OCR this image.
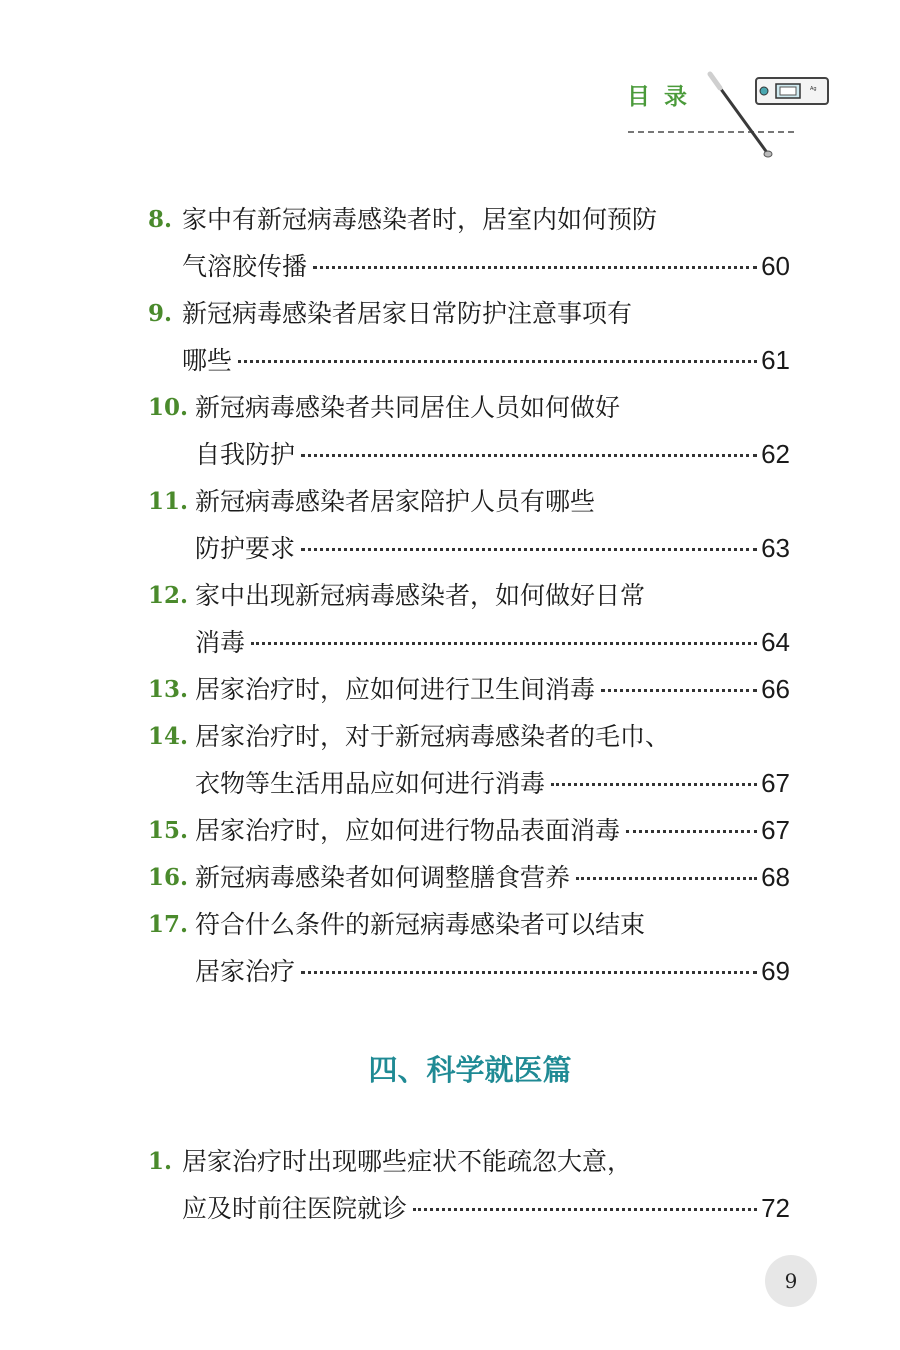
目录	Ag
8. 家中有新冠病毒感染者时，居室内如何预防
气溶胶传播	60
9. 新冠病毒感染者居家日常防护注意事项有
哪些	61
10. 新冠病毒感染者共同居住人员如何做好
自我防护	62
11. 新冠病毒感染者居家陪护人员有哪些
防护要求	63
12. 家中出现新冠病毒感染者，如何做好日常
消毒	64
13. 居家治疗时，应如何进行卫生间消毒	66
14. 居家治疗时，对于新冠病毒感染者的毛巾、
衣物等生活用品应如何进行消毒	67
15. 居家治疗时，应如何进行物品表面消毒	67
16. 新冠病毒感染者如何调整膳食营养	68
17. 符合什么条件的新冠病毒感染者可以结束
居家治疗	69
四、科学就医篇
1. 居家治疗时出现哪些症状不能疏忽大意，
应及时前往医院就诊	72
9
